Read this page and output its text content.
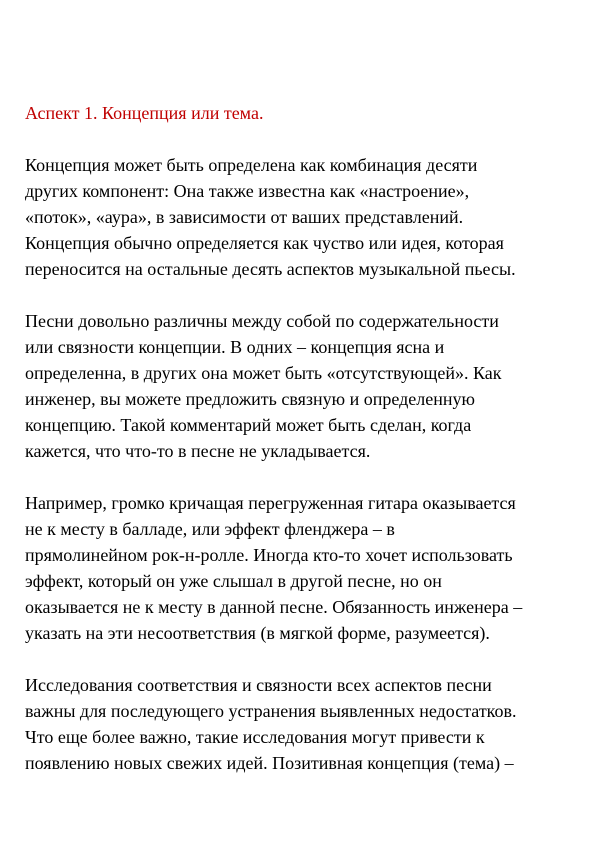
Аспект 1. Концепция или тема.
Концепция может быть определена как комбинация десяти
других компонент: Она также известна как «настроение»,
«поток», «аура», в зависимости от ваших представлений.
Концепция обычно определяется как чуство или идея, которая
переносится на остальные десять аспектов музыкальной пьесы.
Песни довольно различны между собой по содержательности
или связности концепции. В одних – концепция ясна и
определенна, в других она может быть «отсутствующей». Как
инженер, вы можете предложить связную и определенную
концепцию. Такой комментарий может быть сделан, когда
кажется, что что-то в песне не укладывается.
Например, громко кричащая перегруженная гитара оказывается
не к месту в балладе, или эффект фленджера – в
прямолинейном рок-н-ролле. Иногда кто-то хочет использовать
эффект, который он уже слышал в другой песне, но он
оказывается не к месту в данной песне. Обязанность инженера –
указать на эти несоответствия (в мягкой форме, разумеется).
Исследования соответствия и связности всех аспектов песни
важны для последующего устранения выявленных недостатков.
Что еще более важно, такие исследования могут привести к
появлению новых свежих идей. Позитивная концепция (тема) –
